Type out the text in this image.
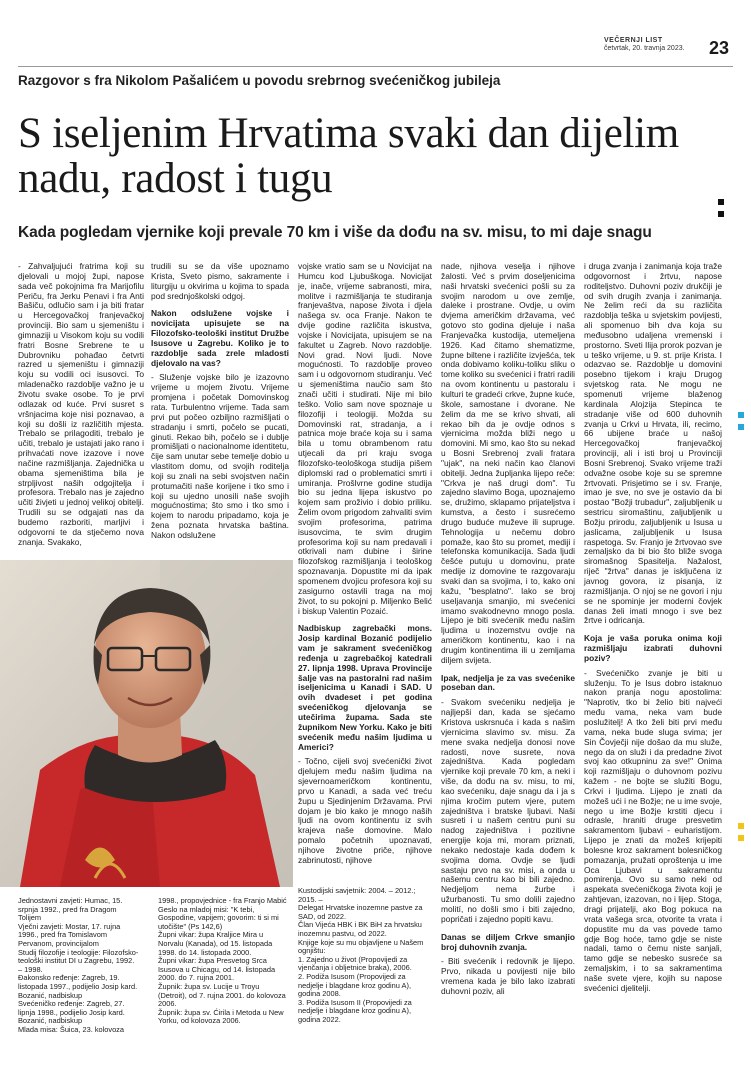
VEČERNJI LIST
četvrtak, 20. travnja 2023. 23
Razgovor s fra Nikolom Pašalićem u povodu srebrnog svećeničkog jubileja
S iseljenim Hrvatima svaki dan dijelim nadu, radost i tugu
Kada pogledam vjernike koji prevale 70 km i više da dođu na sv. misu, to mi daje snagu

- Zahvaljujući fratrima koji su djelovali u mojoj župi, napose sada več pokojnima fra Marijofilu Periču, fra Jerku Penavi i fra Anti Bašiču, odlučio sam i ja biti fratar u Hercegovačkoj franjevačkoj provinciji. Bio sam u sjemeništu i gimnaziji u Visokom koju su vodili fratri Bosne Srebrene te u Dubrovniku pohađao četvrti razred u sjemeništu i gimnaziji koju su vodili oci isusovci. To mladenačko razdoblje važno je u životu svake osobe. To je prvi odlazak od kuće. Prvi susret s vršnjacima koje nisi poznavao, a koji su došli iz različitih mjesta. Trebalo se prilagoditi, trebalo je učiti, trebalo je ustajati jako rano i prihvaćati nove izazove i nove načine razmišljanja. Zajednička u obama sjemeništima bila je strpljivost naših odgojitelja i profesora. Trebalo nas je zajedno učiti živjeti u jednoj velikoj obitelji. Trudili su se odgajati nas da budemo razboriti, marljivi i odgovorni te da stječemo nova znanja. Svakako,

trudili su se da više upoznamo Krista, Sveto pismo, sakramente i liturgiju u okvirima u kojima to spada pod srednjoškolski odgoj.

Nakon odslužene vojske i novicijata upisujete se na Filozofsko-teološki institut Družbe Isusove u Zagrebu. Koliko je to razdoblje sada zrele mladosti djelovalo na vas?

- Služenje vojske bilo je izazovno vrijeme u mojem životu. Vrijeme promjena i početak Domovinskog rata. Turbulentno vrijeme. Tada sam prvi put počeo ozbiljno razmišljati o stradanju i smrti, počelo se pucati, ginuti. Rekao bih, počelo se i dublje promišljati o nacionalnome identitetu, čije sam unutar sebe temelje dobio u vlastitom domu, od svojih roditelja koji su znali na sebi svojstven način protumačiti naše korijene i tko smo i koji su ujedno unosili naše svojih mogućnostima; što smo i tko smo i kojem to narodu pripadamo, koja je žena poznata hrvatska baština. Nakon odslužene

vojske vratio sam se u Novicijat na Humcu kod Ljubuškoga. Novicijat je, inače, vrijeme sabranosti, mira, molitve i razmišljanja te studiranja franjevaštva, napose života i djela našega sv. oca Franje. Nakon te dvije godine različita iskustva, vojske i Novicijata, upisujem se na fakultet u Zagreb. Novo razdoblje. Novi grad. Novi ljudi. Nove mogućnosti. To razdoblje proveo sam i u odgovornom studiranju. Već u sjemeništima naučio sam što znači učiti i studirati. Nije mi bilo teško. Volio sam nove spoznaje u filozofiji i teologiji. Možda su Domovinski rat, stradanja, a i patnica moje braće koja su i sama bila u tomu obrambenom ratu utjecali da pri kraju svoga filozofsko-teološkoga studija pišem diplomski rad o problematici smrti i umiranja. Prošlvrne godine studija bio su jedna lijepa iskustvo po kojem sam proživio i dobio priliku. Želim ovom prigodom zahvaliti svim svojim profesorima, patrima isusovcima, te svim drugim profesorima koji su nam predavali i otkrivali nam dubine i širine filozofskog razmišljanja i teološkog spoznavanja. Dopustite mi da ipak spomenem dvojicu profesora koji su zasigurno ostavili traga na moj život, to su pokojni p. Miljenko Belić i biskup Valentin Pozaić.

Nadbiskup zagrebački mons. Josip kardinal Bozanić podijelio vam je sakrament svećeničkog ređenja u zagrebačkoj katedrali 27. lipnja 1998. Uprava Provincije šalje vas na pastoralni rad našim iseljenicima u Kanadi i SAD. U ovih dvadeset i pet godina svećeničkog djelovanja se utečirima župama. Sada ste župnikom New Yorku. Kako je biti svećenik među našim ljudima u Americi?

- Točno, cijeli svoj svećenički život djelujem među našim ljudima na sjevernoameričkom kontinentu, prvo u Kanadi, a sada već treću župu u Sjedinjenim Državama. Prvi dojam je bio kako je mnogo naših ljudi na ovom kontinentu iz svih krajeva naše domovine. Malo pomalo početnih upoznavati, njihove životne priče, njihove zabrinutosti, njihove

nade, njihova veselja i njihove žalosti. Već s prvim doseljenicima naši hrvatski svećenici pošli su za svojim narodom u ove zemlje, daleke i prostrane. Ovdje, u ovim dvjema američkim državama, već gotovo sto godina djeluje i naša Franjevačka kustodija, utemeljena 1926. Kad čitamo shematizme, župne biltene i različite izvješća, tek onda dobivamo koliku-toliku sliku o tome koliko su svećenici i fratri radili na ovom kontinentu u pastoralu i kulturi te gradeći crkve, župne kuće, škole, samostane i dvorane. Ne želim da me se krivo shvati, ali rekao bih da je ovdje odnos s vjernicima možda bliži nego u domovini. Mi smo, kao što su nekad u Bosni Srebrenoj zvali fratara "ujak", na neki način kao članovi obitelji. Jedna župljanka lijepo reče: "Crkva je naš drugi dom". Tu zajedno slavimo Boga, upoznajemo se, družimo, sklapamo prijateljstva i kumstva, a često i susrećemo drugo buduće muževe ili supruge. Tehnologija u nečemu dobro pomaže, kao što su promet, mediji i telefonska komunikacija. Sada ljudi češće putuju u domovinu, pratе medije iz domovine te razgovaraju svaki dan sa svojima, i to, kako oni kažu, "besplatno". Iako se broj useljavanja smanjio, mi svećenici imamo svakodnevno mnogo posla. Lijepo je biti svećenik među našim ljudima u inozemstvu ovdje na američkom kontinentu, kao i na drugim kontinentima ili u zemljama diljem svijeta.

Ipak, nedjelja je za vas svećenike poseban dan.

- Svakom svećeniku nedjelja je najljepši dan, kada se sjećamo Kristova uskrsnuća i kada s našim vjernicima slavimo sv. misu. Za mene svaka nedjelja donosi nove radosti, nove susrete, nova zajedništva. Kada pogledam vjernike koji prevale 70 km, a neki i više, da dođu na sv. misu, to mi, kao svećeniku, daje snagu da i ja s njima kročim putem vjere, putem zajedništva i bratske ljubavi. Naši susreti i u našem centru puni su nadog zajedništva i pozitivne energije koja mi, moram priznati, nekako nedostaje kada dođem k svojima doma. Ovdje se ljudi sastaju prvo na sv. misi, a onda u našemu centru kao bi bili zajedno. Nedjeljom nema žurbe i užurbanosti. Tu smo dolili zajedno molití, no došli smo i biti zajedno, popričati i zajedno popiti kavu.

Danas se diljem Crkve smanjio broj duhovnih zvanja.

- Biti svećenik i redovnik je lijepo. Prvo, nikada u povijesti nije bilo vremena kada je bilo lako izabrati duhovni poziv, ali

i druga zvanja i zanimanja koja traže odgovornost i žrtvu, napose roditeljstvo. Duhovni poziv drukčiji je od svih drugih zvanja i zanimanja. Ne želim reći da su različita razdoblja teška u svjetskim povijesti, ali spomenuo bih dva koja su međusobno udaljena vremenski i prostorno. Sveti Ilija prorok pozvan je u teško vrijeme, u 9. st. prije Krista. I odazvao se. Razdoblje u domovini posebno tijekom i kraju Drugog svjetskog rata. Ne mogu ne spomenuti vrijeme blaženog kardinala Alojzija Stepinca te stradanje više od 600 duhovnih zvanja u Crkvi u Hrvata, ili, recimo, 66 ubijene braće u našoj Hercegovačkoj franjevačkoj provinciji, ali i isti broj u Provinciji Bosni Srebrenoj. Svako vrijeme traži odvažne osobe koje su se spremne žrtvovati. Prisjetimo se i sv. Franje, imao je sve, no sve je ostavio da bi postao "Božji trubadur", zaljubljenik u sestricu siromaštinu, zaljubljenik u Božju prirodu, zaljubljenik u Isusa u jaslicama, zaljubljenik u Isusa raspetoga. Sv. Franjo je žrtvovao sve zemaljsko da bi bio što bliže svoga siromašnog Spasitelja. Nažalost, riječ "žrtva" danas je isključena iz javnog govora, iz pisanja, iz razmišljanja. O njoj se ne govori i nju se ne spominje jer moderni čovjek danas želi imati mnogo i sve bez žrtve i odricanja.

Koja je vaša poruka onima koji razmišljaju izabrati duhovni poziv?

- Svećeničko zvanje je biti u služenju. To je Isus dobro istaknuo nakon pranja nogu apostolima: "Naprotiv, tko bi želio biti najveći među vama, neka vam bude poslužitelj! A tko želi biti prvi među vama, neka bude sluga svima; jer Sin Čovječji nije došao da mu služe, nego da on služi i da predadne život svoj kao otkupninu za sve!" Onima koji razmišljaju o duhovnom pozivu kažem - ne bojte se služiti Bogu, Crkvi i ljudima. Lijepo je znati da možeš ući i ne Božje; ne u ime svoje, nego u ime Božje krstiti djecu i odrasle, hraniti druge presvetim sakramentom ljubavi - euharistijom. Lijepo je znati da možeš krijepiti bolesne kroz sakrament bolesničkog pomazanja, pružati oproštenja u ime Oca Ljubavi u sakramentu pomirenja. Ovo su samo neki od aspekata svećeničkoga života koji je zahtjevan, izazovan, no i lijep. Stoga, dragi prijatelji, ako Bog pokuca na vrata vašega srca, otvorite ta vrata i dopustite mu da vas povede tamo gdje Bog hoće, tamo gdje se niste nadali, tamo o čemu niste sanjali, tamo gdje se nebesko susreće sa zemaljskim, i to sa sakramentima naše svete vjere, kojih su napose svećenici djelitelji.

Jednostavni zavjeti: Humac, 15. srpnja 1992., pred fra Dragom Tolijem

Vječni zavjeti: Mostar, 17. rujna 1996., pred fra Tomislavom Pervanom, provincijalom

Studij filozofije i teologije: Filozofsko-teološki institut DI u Zagrebu, 1992. – 1998.

Đakonsko ređenje: Zagreb, 19. listopada 1997., podijelio Josip kard. Bozanić, nadbiskup

Svećeničko ređenje: Zagreb, 27. lipnja 1998., podijelio Josip kard. Bozanić, nadbiskup

Mlada misa: Šuica, 23. kolovoza

1998., propovjednice - fra Franjo Mabić

Geslo na mladoj misi: "K tebi, Gospodine, vapijem; govorim: ti si mi utočište" (Ps 142,6)

Župni vikar: župa Kraljice Mira u Norvalu (Kanada), od 15. listopada 1998. do 14. listopada 2000.

Župni vikar: župa Presvetog Srca Isusova u Chicagu, od 14. listopada 2000. do 7. rujna 2001.

Župnik: župa sv. Lucije u Troyu (Detroit), od 7. rujna 2001. do kolovoza 2006.

Župnik: župa sv. Ćirila i Metoda u New Yorku, od kolovoza 2006.

Kustodijski savjetnik: 2004. – 2012.; 2015. –

Delegat Hrvatske inozemne pastve za SAD, od 2022.

Član Vijeća HBK i BK BiH za hrvatsku inozemnu pastvu, od 2022.

Knjige koje su mu objavljene u Našem ognjištu:

1. Zajedno u život (Propovijedi za vjenčanja i obljetnice braka), 2006.

2. Podiža Isusom (Propovijedi za nedjelje i blagdane kroz godinu A), godina 2008.

3. Podiža Isusom II (Propovijedi za nedjelje i blagdane kroz godinu A), godina 2022.
